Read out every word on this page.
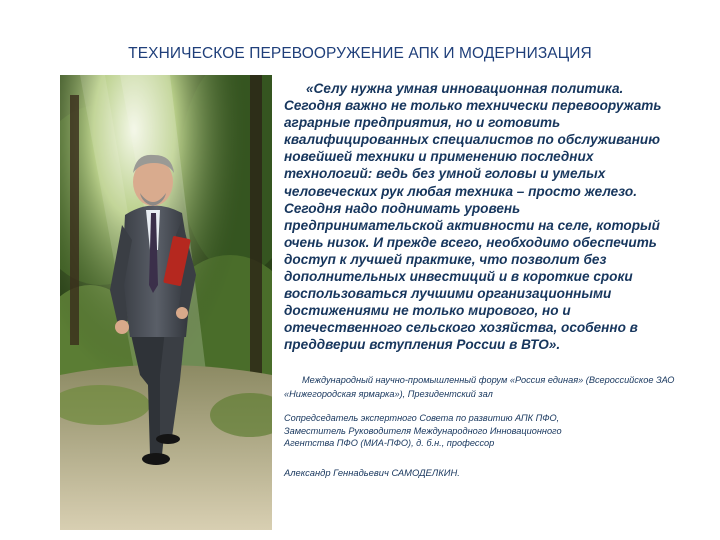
ТЕХНИЧЕСКОЕ ПЕРЕВООРУЖЕНИЕ АПК И МОДЕРНИЗАЦИЯ

«Селу нужна умная инновационная политика. Сегодня важно не только технически перевооружать аграрные предприятия, но и готовить квалифицированных специалистов по обслуживанию новейшей техники и применению последних технологий: ведь без умной головы и умелых человеческих рук любая техника – просто железо. Сегодня надо поднимать уровень предпринимательской активности на селе, который очень низок. И прежде всего, необходимо обеспечить доступ к лучшей практике, что позволит без дополнительных инвестиций и в короткие сроки воспользоваться лучшими организационными достижениями не только мирового, но и отечественного сельского хозяйства, особенно в преддверии вступления России в ВТО».

Международный научно-промышленный форум «Россия единая» (Всероссийское ЗАО «Нижегородская ярмарка»), Президентский зал

Сопредседатель экспертного Совета по развитию АПК ПФО,
Заместитель Руководителя Международного Инновационного
Агентства ПФО (МИА-ПФО), д. б.н., профессор

Александр Геннадьевич САМОДЕЛКИН.
